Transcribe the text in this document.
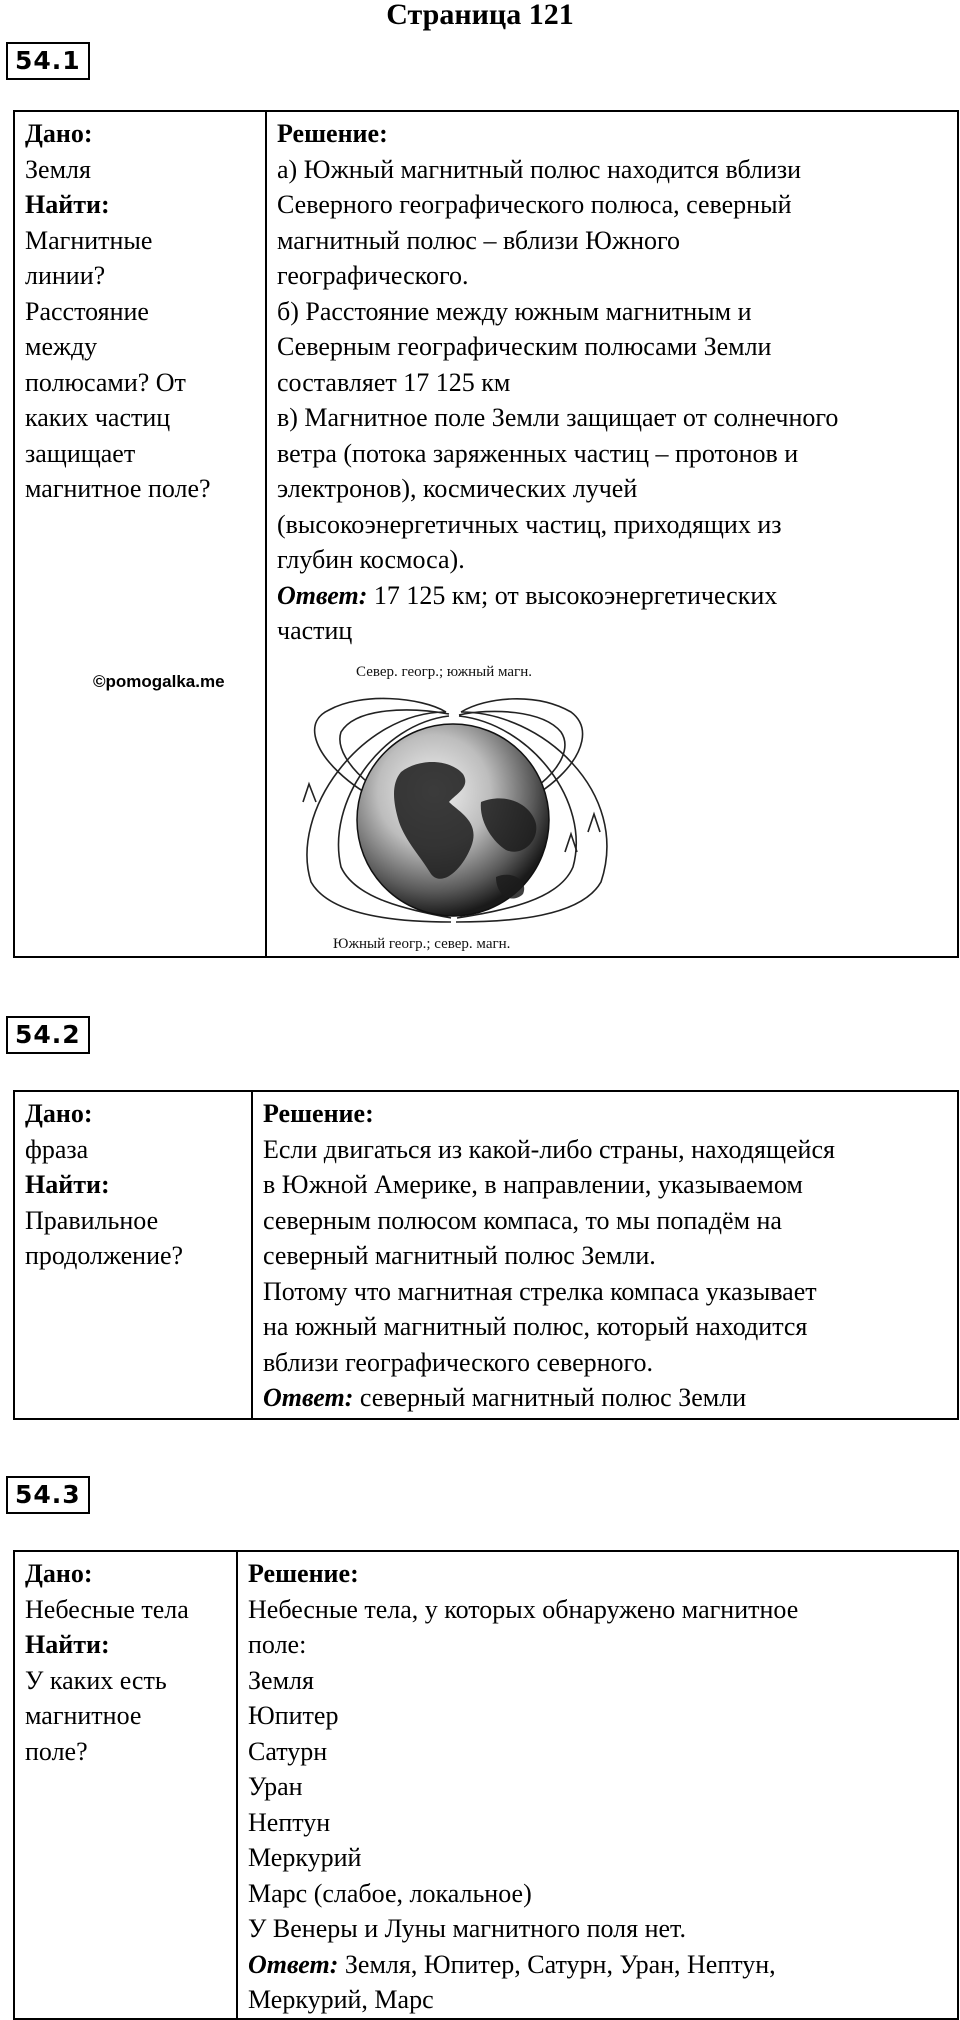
Страница 121
54.1
Дано:
Земля
Найти:
Магнитные
линии?
Расстояние
между
полюсами? От
каких частиц
защищает
магнитное поле?
Решение:
а) Южный магнитный полюс находится вблизи
Северного географического полюса, северный
магнитный полюс – вблизи Южного
географического.
б) Расстояние между южным магнитным и
Северным географическим полюсами Земли
составляет 17 125 км
в) Магнитное поле Земли защищает от солнечного
ветра (потока заряженных частиц – протонов и
электронов), космических лучей
(высокоэнергетичных частиц, приходящих из
глубин космоса).
Ответ: 17 125 км; от высокоэнергетических
частиц
©pomogalka.me	Север. геогр.; южный магн.
Южный геогр.; север. магн.
54.2
Дано:
фраза
Найти:
Правильное
продолжение?
Решение:
Если двигаться из какой-либо страны, находящейся
в Южной Америке, в направлении, указываемом
северным полюсом компаса, то мы попадём на
северный магнитный полюс Земли.
Потому что магнитная стрелка компаса указывает
на южный магнитный полюс, который находится
вблизи географического северного.
Ответ: северный магнитный полюс Земли
54.3
Дано:
Небесные тела
Найти:
У каких есть
магнитное
поле?
Решение:
Небесные тела, у которых обнаружено магнитное
поле:
Земля
Юпитер
Сатурн
Уран
Нептун
Меркурий
Марс (слабое, локальное)
У Венеры и Луны магнитного поля нет.
Ответ: Земля, Юпитер, Сатурн, Уран, Нептун,
Меркурий, Марс
